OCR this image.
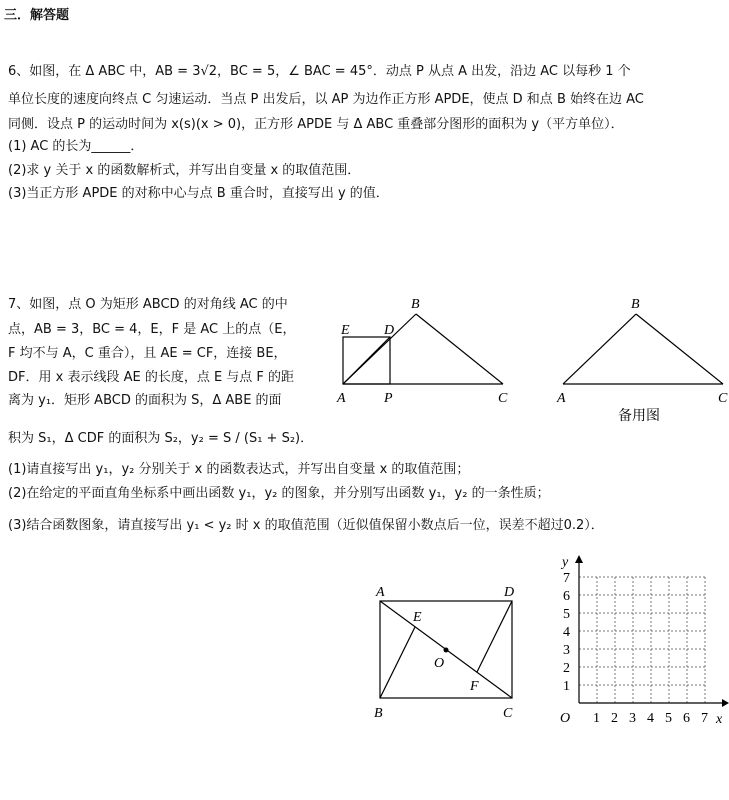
三．解答题
6、如图，在 Δ ABC 中，AB = 3√2，BC = 5，∠ BAC = 45°．动点 P 从点 A 出发，沿边 AC 以每秒 1 个
单位长度的速度向终点 C 匀速运动．当点 P 出发后，以 AP 为边作正方形 APDE，使点 D 和点 B 始终在边 AC
同侧．设点 P 的运动时间为 x(s)(x > 0)，正方形 APDE 与 Δ ABC 重叠部分图形的面积为 y（平方单位）．
(1) AC 的长为______．
(2)求 y 关于 x 的函数解析式，并写出自变量 x 的取值范围．
(3)当正方形 APDE 的对称中心与点 B 重合时，直接写出 y 的值．
7、如图，点 O 为矩形 ABCD 的对角线 AC 的中
点，AB = 3，BC = 4，E，F 是 AC 上的点（E，
F 均不与 A，C 重合），且 AE = CF，连接 BE，
DF．用 x 表示线段 AE 的长度，点 E 与点 F 的距
离为 y₁．矩形 ABCD 的面积为 S，Δ ABE 的面
积为 S₁，Δ CDF 的面积为 S₂，y₂ = S / (S₁ + S₂)．
(1)请直接写出 y₁，y₂ 分别关于 x 的函数表达式，并写出自变量 x 的取值范围；
(2)在给定的平面直角坐标系中画出函数 y₁，y₂ 的图象，并分别写出函数 y₁，y₂ 的一条性质；
(3)结合函数图象，请直接写出 y₁ < y₂ 时 x 的取值范围（近似值保留小数点后一位，误差不超过0.2）．
B
E D
A	P	C
B
A	C
备用图
A	D
E
O
F
B	C
y
x
O 1 2 3 4 5 6 7
1
2
3
4
5
6
7
